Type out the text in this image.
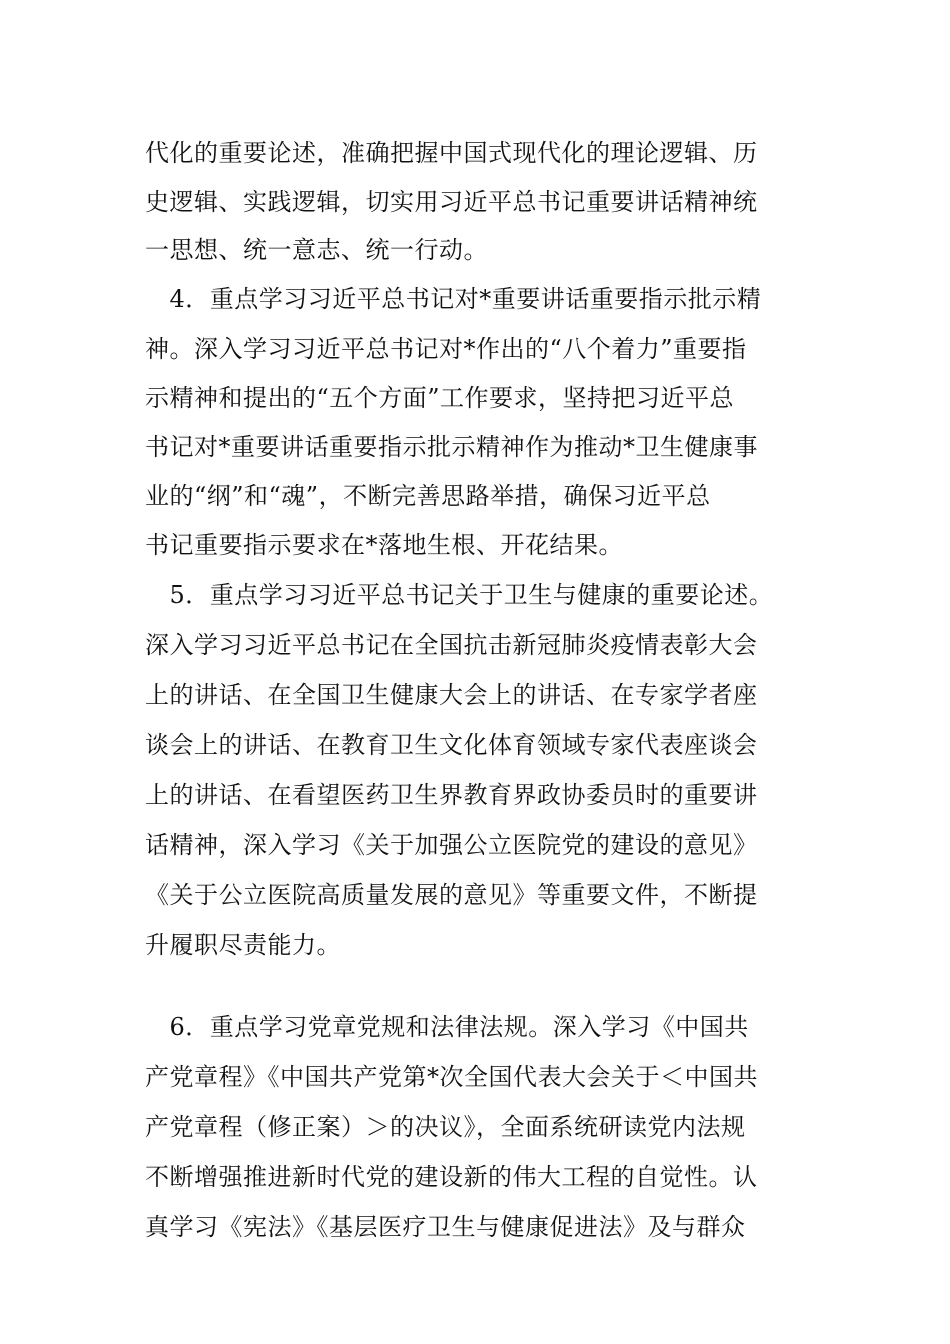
代化的重要论述，准确把握中国式现代化的理论逻辑、历
史逻辑、实践逻辑，切实用习近平总书记重要讲话精神统
一思想、统一意志、统一行动。
　4．重点学习习近平总书记对*重要讲话重要指示批示精
神。深入学习习近平总书记对*作出的“八个着力”重要指
示精神和提出的“五个方面”工作要求，坚持把习近平总
书记对*重要讲话重要指示批示精神作为推动*卫生健康事
业的“纲”和“魂”，不断完善思路举措，确保习近平总
书记重要指示要求在*落地生根、开花结果。
　5．重点学习习近平总书记关于卫生与健康的重要论述。
深入学习习近平总书记在全国抗击新冠肺炎疫情表彰大会
上的讲话、在全国卫生健康大会上的讲话、在专家学者座
谈会上的讲话、在教育卫生文化体育领域专家代表座谈会
上的讲话、在看望医药卫生界教育界政协委员时的重要讲
话精神，深入学习《关于加强公立医院党的建设的意见》
《关于公立医院高质量发展的意见》等重要文件，不断提
升履职尽责能力。
　6．重点学习党章党规和法律法规。深入学习《中国共
产党章程》《中国共产党第*次全国代表大会关于＜中国共
产党章程（修正案）＞的决议》，全面系统研读党内法规
不断增强推进新时代党的建设新的伟大工程的自觉性。认
真学习《宪法》《基层医疗卫生与健康促进法》及与群众
